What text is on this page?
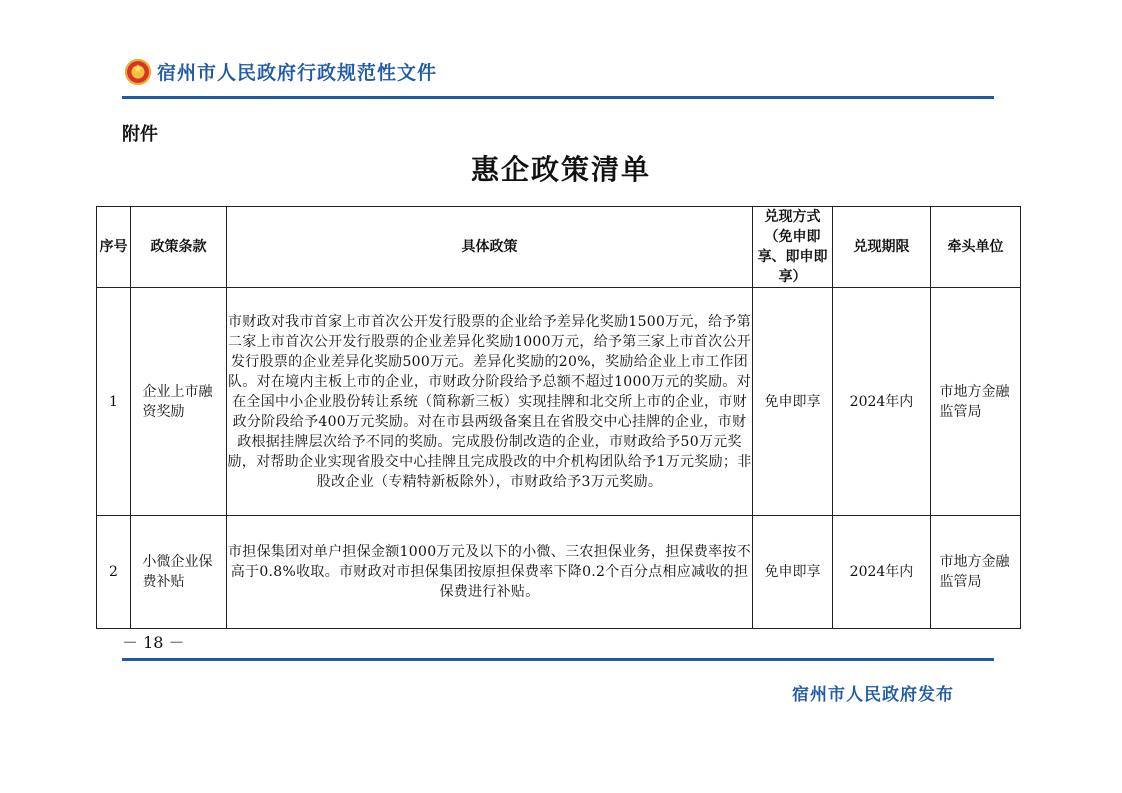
★
宿州市人民政府行政规范性文件
附件
惠企政策清单
序号	政策条款	具体政策	兑现方式（免申即享、即申即享）	兑现期限	牵头单位
1	企业上市融资奖励	市财政对我市首家上市首次公开发行股票的企业给予差异化奖励1500万元，给予第二家上市首次公开发行股票的企业差异化奖励1000万元，给予第三家上市首次公开发行股票的企业差异化奖励500万元。差异化奖励的20%，奖励给企业上市工作团队。对在境内主板上市的企业，市财政分阶段给予总额不超过1000万元的奖励。对在全国中小企业股份转让系统（简称新三板）实现挂牌和北交所上市的企业，市财政分阶段给予400万元奖励。对在市县两级备案且在省股交中心挂牌的企业，市财政根据挂牌层次给予不同的奖励。完成股份制改造的企业，市财政给予50万元奖励，对帮助企业实现省股交中心挂牌且完成股改的中介机构团队给予1万元奖励；非股改企业（专精特新板除外），市财政给予3万元奖励。	免申即享	2024年内	市地方金融监管局
2	小微企业保费补贴	市担保集团对单户担保金额1000万元及以下的小微、三农担保业务，担保费率按不高于0.8%收取。市财政对市担保集团按原担保费率下降0.2个百分点相应减收的担保费进行补贴。	免申即享	2024年内	市地方金融监管局
－ 18 －
宿州市人民政府发布
